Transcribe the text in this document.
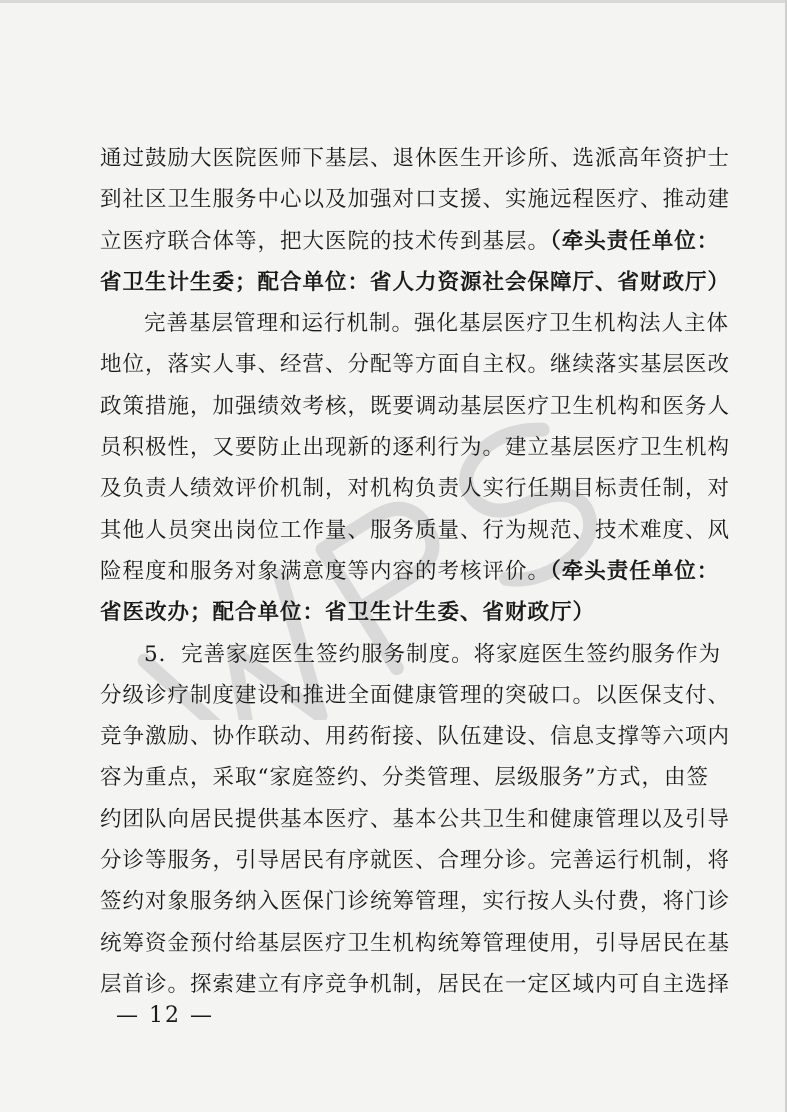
通过鼓励大医院医师下基层、退休医生开诊所、选派高年资护士
到社区卫生服务中心以及加强对口支援、实施远程医疗、推动建
立医疗联合体等，把大医院的技术传到基层。（牵头责任单位：
省卫生计生委；配合单位：省人力资源社会保障厅、省财政厅）
完善基层管理和运行机制。强化基层医疗卫生机构法人主体
地位，落实人事、经营、分配等方面自主权。继续落实基层医改
政策措施，加强绩效考核，既要调动基层医疗卫生机构和医务人
员积极性，又要防止出现新的逐利行为。建立基层医疗卫生机构
及负责人绩效评价机制，对机构负责人实行任期目标责任制，对
其他人员突出岗位工作量、服务质量、行为规范、技术难度、风
险程度和服务对象满意度等内容的考核评价。（牵头责任单位：
省医改办；配合单位：省卫生计生委、省财政厅）
5．完善家庭医生签约服务制度。将家庭医生签约服务作为
分级诊疗制度建设和推进全面健康管理的突破口。以医保支付、
竞争激励、协作联动、用药衔接、队伍建设、信息支撑等六项内
容为重点，采取“家庭签约、分类管理、层级服务”方式，由签
约团队向居民提供基本医疗、基本公共卫生和健康管理以及引导
分诊等服务，引导居民有序就医、合理分诊。完善运行机制，将
签约对象服务纳入医保门诊统筹管理，实行按人头付费，将门诊
统筹资金预付给基层医疗卫生机构统筹管理使用，引导居民在基
层首诊。探索建立有序竞争机制，居民在一定区域内可自主选择
— 12 —
